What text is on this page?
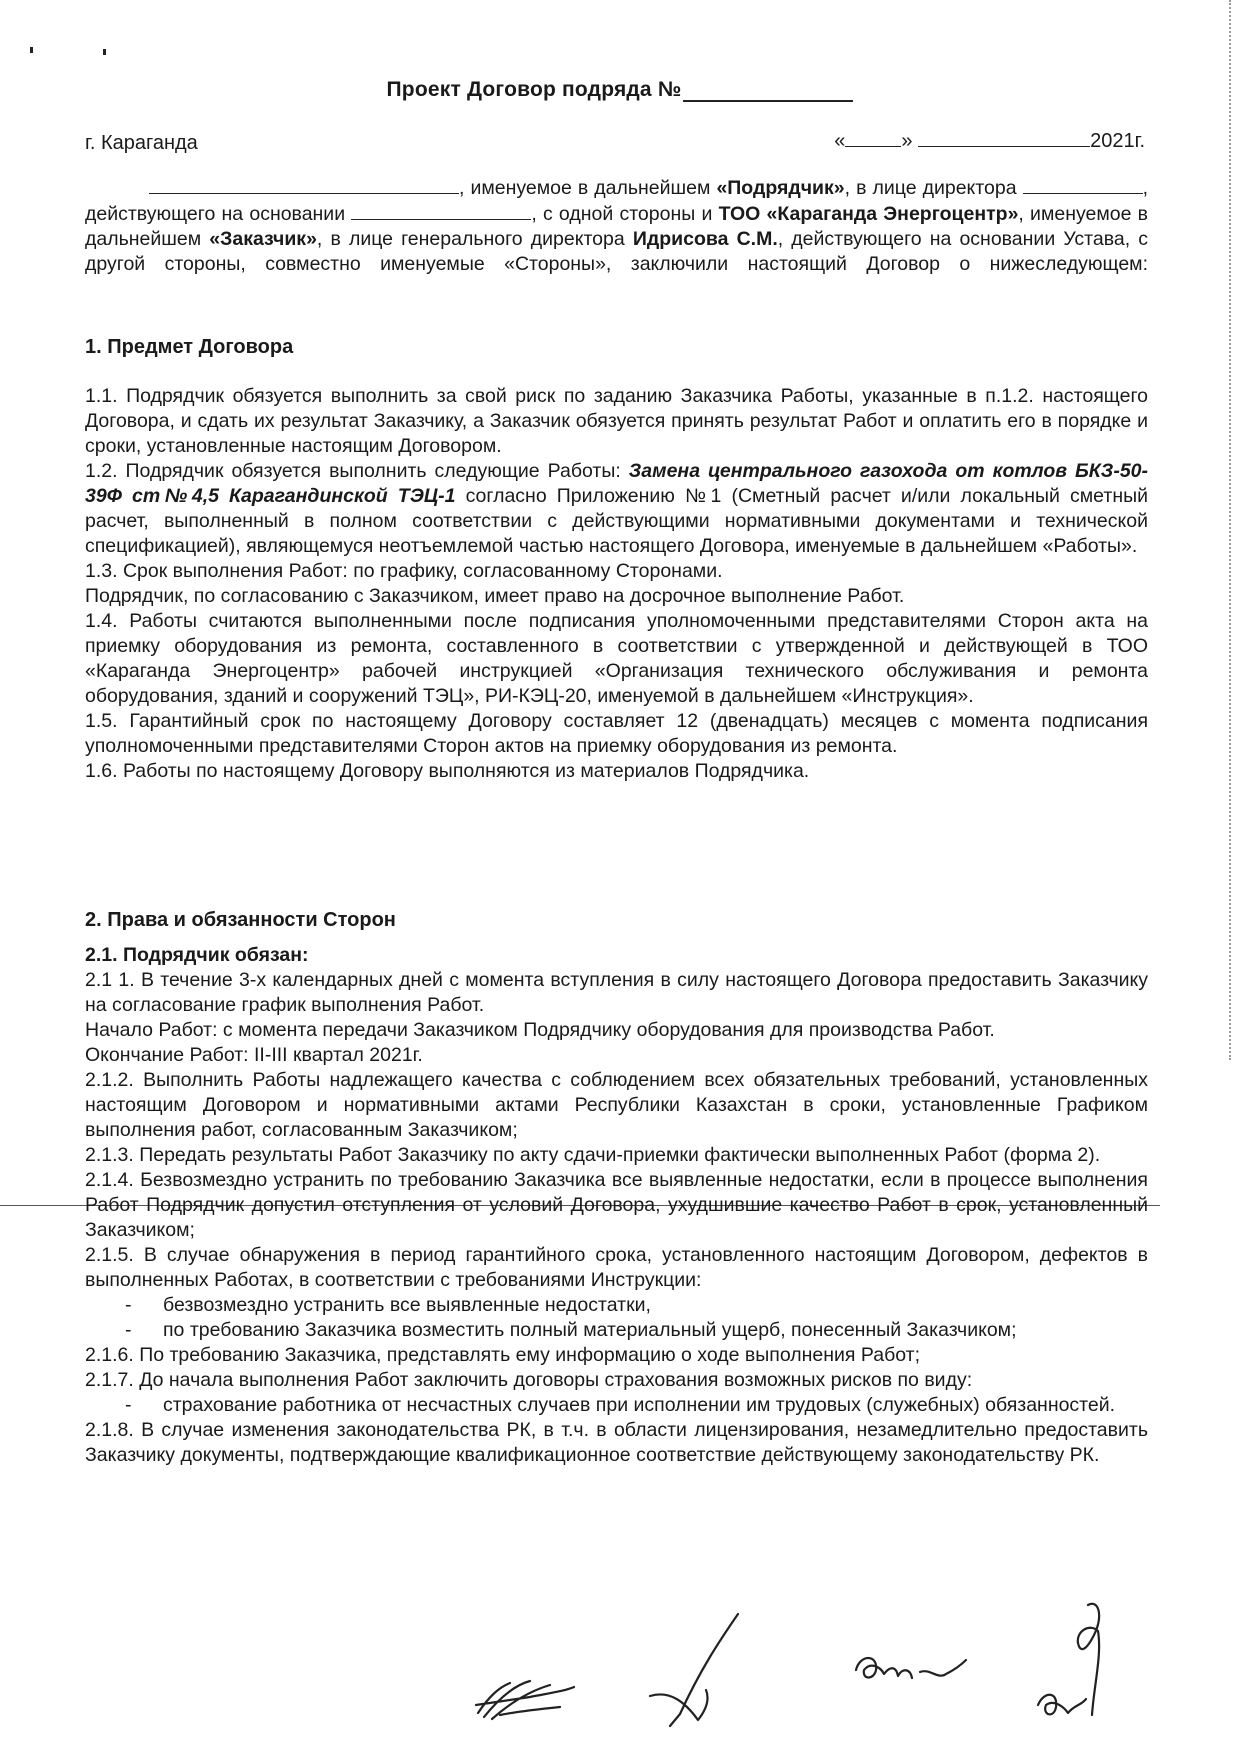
Проект Договор подряда №
г. Караганда	«	»	2021г.

, именуемое в дальнейшем «Подрядчик», в лице директора	, действующего на основании	, с одной стороны и ТОО «Караганда Энергоцентр», именуемое в дальнейшем «Заказчик», в лице генерального директора Идрисова С.М., действующего на основании Устава, с другой стороны, совместно именуемые «Стороны», заключили настоящий Договор о нижеследующем:

1. Предмет Договора

1.1. Подрядчик обязуется выполнить за свой риск по заданию Заказчика Работы, указанные в п.1.2. настоящего Договора, и сдать их результат Заказчику, а Заказчик обязуется принять результат Работ и оплатить его в порядке и сроки, установленные настоящим Договором.

1.2. Подрядчик обязуется выполнить следующие Работы: Замена центрального газохода от котлов БКЗ-50-39Ф ст№4,5 Карагандинской ТЭЦ-1 согласно Приложению №1 (Сметный расчет и/или локальный сметный расчет, выполненный в полном соответствии с действующими нормативными документами и технической спецификацией), являющемуся неотъемлемой частью настоящего Договора, именуемые в дальнейшем «Работы».

1.3. Срок выполнения Работ: по графику, согласованному Сторонами.

Подрядчик, по согласованию с Заказчиком, имеет право на досрочное выполнение Работ.

1.4. Работы считаются выполненными после подписания уполномоченными представителями Сторон акта на приемку оборудования из ремонта, составленного в соответствии с утвержденной и действующей в ТОО «Караганда Энергоцентр» рабочей инструкцией «Организация технического обслуживания и ремонта оборудования, зданий и сооружений ТЭЦ», РИ-КЭЦ-20, именуемой в дальнейшем «Инструкция».

1.5. Гарантийный срок по настоящему Договору составляет 12 (двенадцать) месяцев с момента подписания уполномоченными представителями Сторон актов на приемку оборудования из ремонта.

1.6. Работы по настоящему Договору выполняются из материалов Подрядчика.

2. Права и обязанности Сторон

2.1. Подрядчик обязан:

2.1 1. В течение 3-х календарных дней с момента вступления в силу настоящего Договора предоставить Заказчику на согласование график выполнения Работ.

Начало Работ: с момента передачи Заказчиком Подрядчику оборудования для производства Работ.

Окончание Работ: II-III квартал 2021г.

2.1.2. Выполнить Работы надлежащего качества с соблюдением всех обязательных требований, установленных настоящим Договором и нормативными актами Республики Казахстан в сроки, установленные Графиком выполнения работ, согласованным Заказчиком;

2.1.3. Передать результаты Работ Заказчику по акту сдачи-приемки фактически выполненных Работ (форма 2).

2.1.4. Безвозмездно устранить по требованию Заказчика все выявленные недостатки, если в процессе выполнения Работ Подрядчик допустил отступления от условий Договора, ухудшившие качество Работ в срок, установленный Заказчиком;

2.1.5. В случае обнаружения в период гарантийного срока, установленного настоящим Договором, дефектов в выполненных Работах, в соответствии с требованиями Инструкции:

- безвозмездно устранить все выявленные недостатки,

- по требованию Заказчика возместить полный материальный ущерб, понесенный Заказчиком;

2.1.6. По требованию Заказчика, представлять ему информацию о ходе выполнения Работ;

2.1.7. До начала выполнения Работ заключить договоры страхования возможных рисков по виду:

- страхование работника от несчастных случаев при исполнении им трудовых (служебных) обязанностей.

2.1.8. В случае изменения законодательства РК, в т.ч. в области лицензирования, незамедлительно предоставить Заказчику документы, подтверждающие квалификационное соответствие действующему законодательству РК.
